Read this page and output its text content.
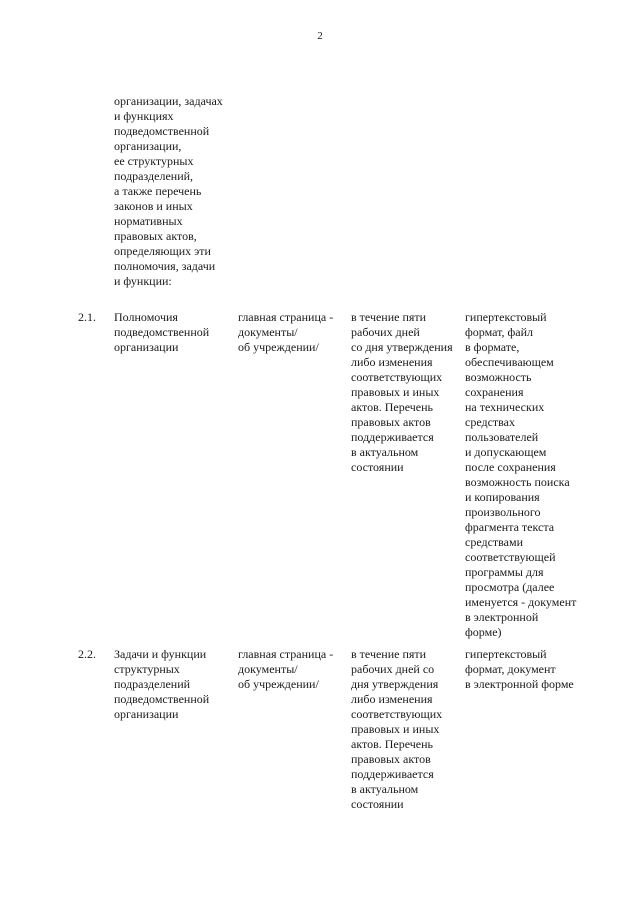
2
организации, задачах
и функциях
подведомственной
организации,
ее структурных
подразделений,
а также перечень
законов и иных
нормативных
правовых актов,
определяющих эти
полномочия, задачи
и функции:
2.1. Полномочия
подведомственной
организации
главная страница -
документы/
об учреждении/
в течение пяти
рабочих дней
со дня утверждения
либо изменения
соответствующих
правовых и иных
актов. Перечень
правовых актов
поддерживается
в актуальном
состоянии
гипертекстовый
формат, файл
в формате,
обеспечивающем
возможность
сохранения
на технических
средствах
пользователей
и допускающем
после сохранения
возможность поиска
и копирования
произвольного
фрагмента текста
средствами
соответствующей
программы для
просмотра (далее
именуется - документ
в электронной
форме)
2.2. Задачи и функции
структурных
подразделений
подведомственной
организации
главная страница -
документы/
об учреждении/
в течение пяти
рабочих дней со
дня утверждения
либо изменения
соответствующих
правовых и иных
актов. Перечень
правовых актов
поддерживается
в актуальном
состоянии
гипертекстовый
формат, документ
в электронной форме
